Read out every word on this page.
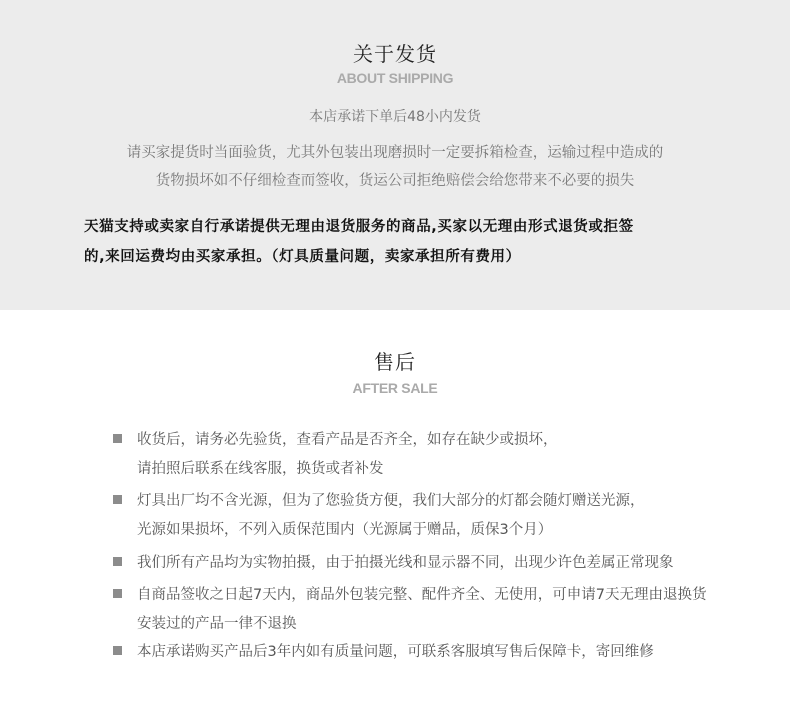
关于发货
ABOUT SHIPPING
本店承诺下单后48小内发货
请买家提货时当面验货，尤其外包装出现磨损时一定要拆箱检查，运输过程中造成的
货物损坏如不仔细检查而签收，货运公司拒绝赔偿会给您带来不必要的损失
天猫支持或卖家自行承诺提供无理由退货服务的商品,买家以无理由形式退货或拒签
的,来回运费均由买家承担。（灯具质量问题，卖家承担所有费用）
售后
AFTER SALE
收货后，请务必先验货，查看产品是否齐全，如存在缺少或损坏，
请拍照后联系在线客服，换货或者补发
灯具出厂均不含光源，但为了您验货方便，我们大部分的灯都会随灯赠送光源，
光源如果损坏，不列入质保范围内（光源属于赠品，质保3个月）
我们所有产品均为实物拍摄，由于拍摄光线和显示器不同，出现少许色差属正常现象
自商品签收之日起7天内，商品外包装完整、配件齐全、无使用，可申请7天无理由退换货
安装过的产品一律不退换
本店承诺购买产品后3年内如有质量问题，可联系客服填写售后保障卡，寄回维修
